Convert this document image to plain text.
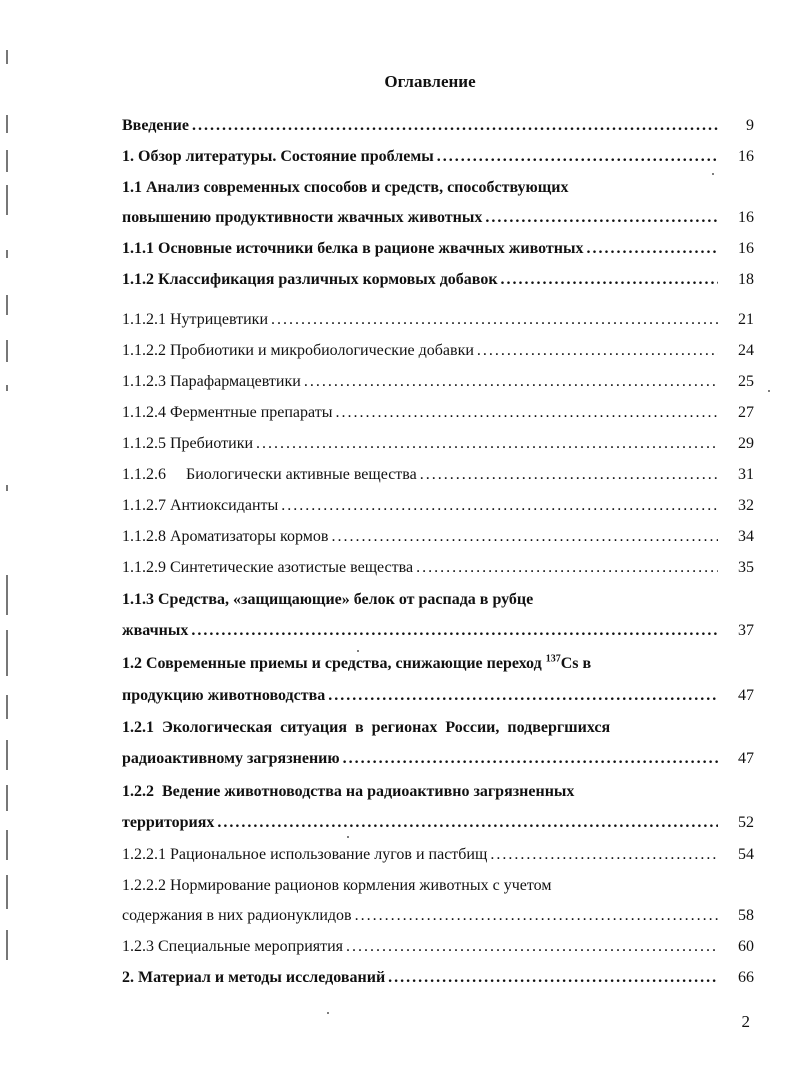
Оглавление
Введение . . .	9
1. Обзор литературы. Состояние проблемы . . .	16
1.1 Анализ современных способов и средств, способствующих
повышению продуктивности жвачных животных . . .	16
1.1.1 Основные источники белка в рационе жвачных животных . . .	16
1.1.2 Классификация различных кормовых добавок . . .	18
1.1.2.1 Нутрицевтики . . .	21
1.1.2.2 Пробиотики и микробиологические добавки . . .	24
1.1.2.3 Парафармацевтики . . .	25
1.1.2.4 Ферментные препараты . . .	27
1.1.2.5 Пребиотики . . .	29
1.1.2.6     Биологически активные вещества . . .	31
1.1.2.7 Антиоксиданты . . .	32
1.1.2.8 Ароматизаторы кормов . . .	34
1.1.2.9 Синтетические азотистые вещества . . .	35
1.1.3 Средства, «защищающие» белок от распада в рубце
жвачных . . .	37
1.2 Современные приемы и средства, снижающие переход $^{137}$Cs в
продукцию животноводства . . .	47
1.2.1  Экологическая  ситуация  в  регионах  России,  подвергшихся
радиоактивному загрязнению . . .	47
1.2.2  Ведение животноводства на радиоактивно загрязненных
территориях . . .	52
1.2.2.1 Рациональное использование лугов и пастбищ . . .	54
1.2.2.2 Нормирование рационов кормления животных с учетом
содержания в них радионуклидов . . .	58
1.2.3 Специальные мероприятия . . .	60
2. Материал и методы исследований . . .	66
2
